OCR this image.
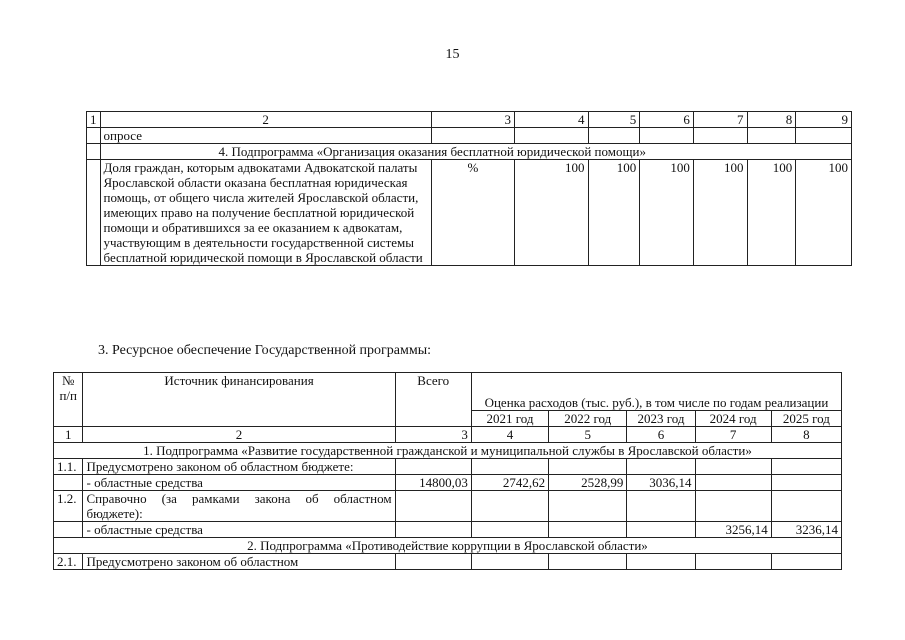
15
1	2	3	4	5	6	7	8	9
	опросе							
	4. Подпрограмма «Организация оказания бесплатной юридической помощи»							
	Доля граждан, которым адвокатами Адвокатской палаты Ярославской области оказана бесплатная юридическая помощь, от общего числа жителей Ярославской области, имеющих право на получение бесплатной юридической помощи и обратившихся за ее оказанием к адвокатам, участвующим в деятельности государственной системы бесплатной юридической помощи в Ярославской области	%	100	100	100	100	100	100
3. Ресурсное обеспечение Государственной программы:
№ п/п	Источник финансирования	Всего	Оценка расходов (тыс. руб.), в том числе по годам реализации				
			2021 год	2022 год	2023 год	2024 год	2025 год
1	2	3	4	5	6	7	8
1. Подпрограмма «Развитие государственной гражданской и муниципальной службы в Ярославской области»							
1.1.	Предусмотрено законом об областном бюджете:						
	- областные средства	14800,03	2742,62	2528,99	3036,14		
1.2.	Справочно (за рамками закона об областном бюджете):						
	- областные средства					3256,14	3236,14
2. Подпрограмма «Противодействие коррупции в Ярославской области»							
2.1.	Предусмотрено законом об областном						
